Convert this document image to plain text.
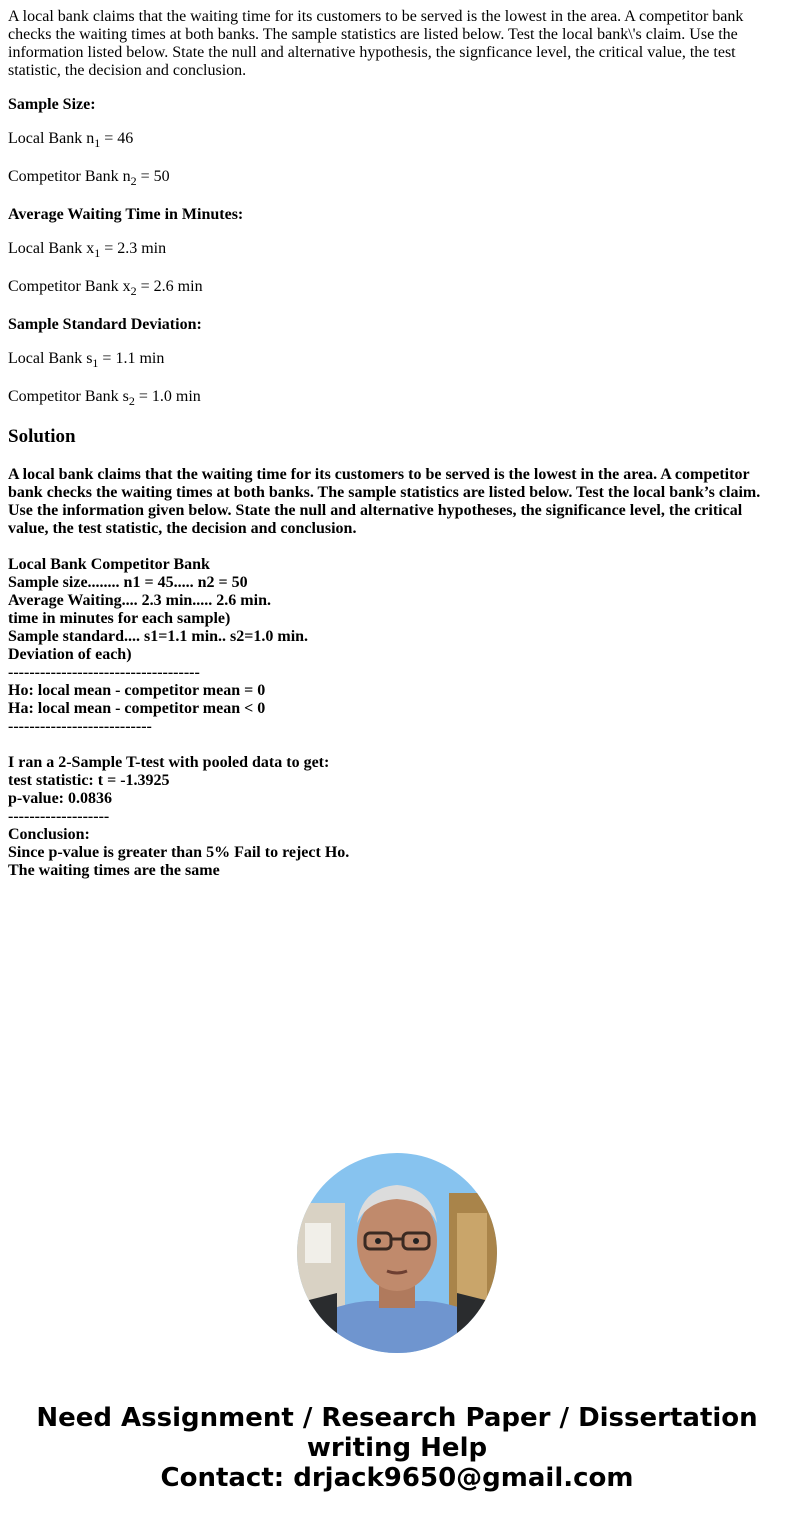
A local bank claims that the waiting time for its customers to be served is the lowest in the area. A competitor bank checks the waiting times at both banks. The sample statistics are listed below. Test the local bank\'s claim. Use the information listed below. State the null and alternative hypothesis, the signficance level, the critical value, the test statistic, the decision and conclusion.

Sample Size:

Local Bank $n_1 = 46$

Competitor Bank $n_2 = 50$

Average Waiting Time in Minutes:

Local Bank $x_1 = 2.3$ min

Competitor Bank $x_2 = 2.6$ min

Sample Standard Deviation:

Local Bank $s_1 = 1.1$ min

Competitor Bank $s_2 = 1.0$ min

Solution

A local bank claims that the waiting time for its customers to be served is the lowest in the area. A competitor bank checks the waiting times at both banks. The sample statistics are listed below. Test the local bank’s claim. Use the information given below. State the null and alternative hypotheses, the significance level, the critical value, the test statistic, the decision and conclusion.

Local Bank Competitor Bank
Sample size........ n1 = 45..... n2 = 50
Average Waiting.... 2.3 min..... 2.6 min.
time in minutes for each sample)
Sample standard.... s1=1.1 min.. s2=1.0 min.
Deviation of each)
------------------------------------
Ho: local mean - competitor mean = 0
Ha: local mean - competitor mean < 0
---------------------------

I ran a 2-Sample T-test with pooled data to get:
test statistic: t = -1.3925
p-value: 0.0836
-------------------
Conclusion:
Since p-value is greater than 5% Fail to reject Ho.
The waiting times are the same
Need Assignment / Research Paper / Dissertation
writing Help
Contact: drjack9650@gmail.com
